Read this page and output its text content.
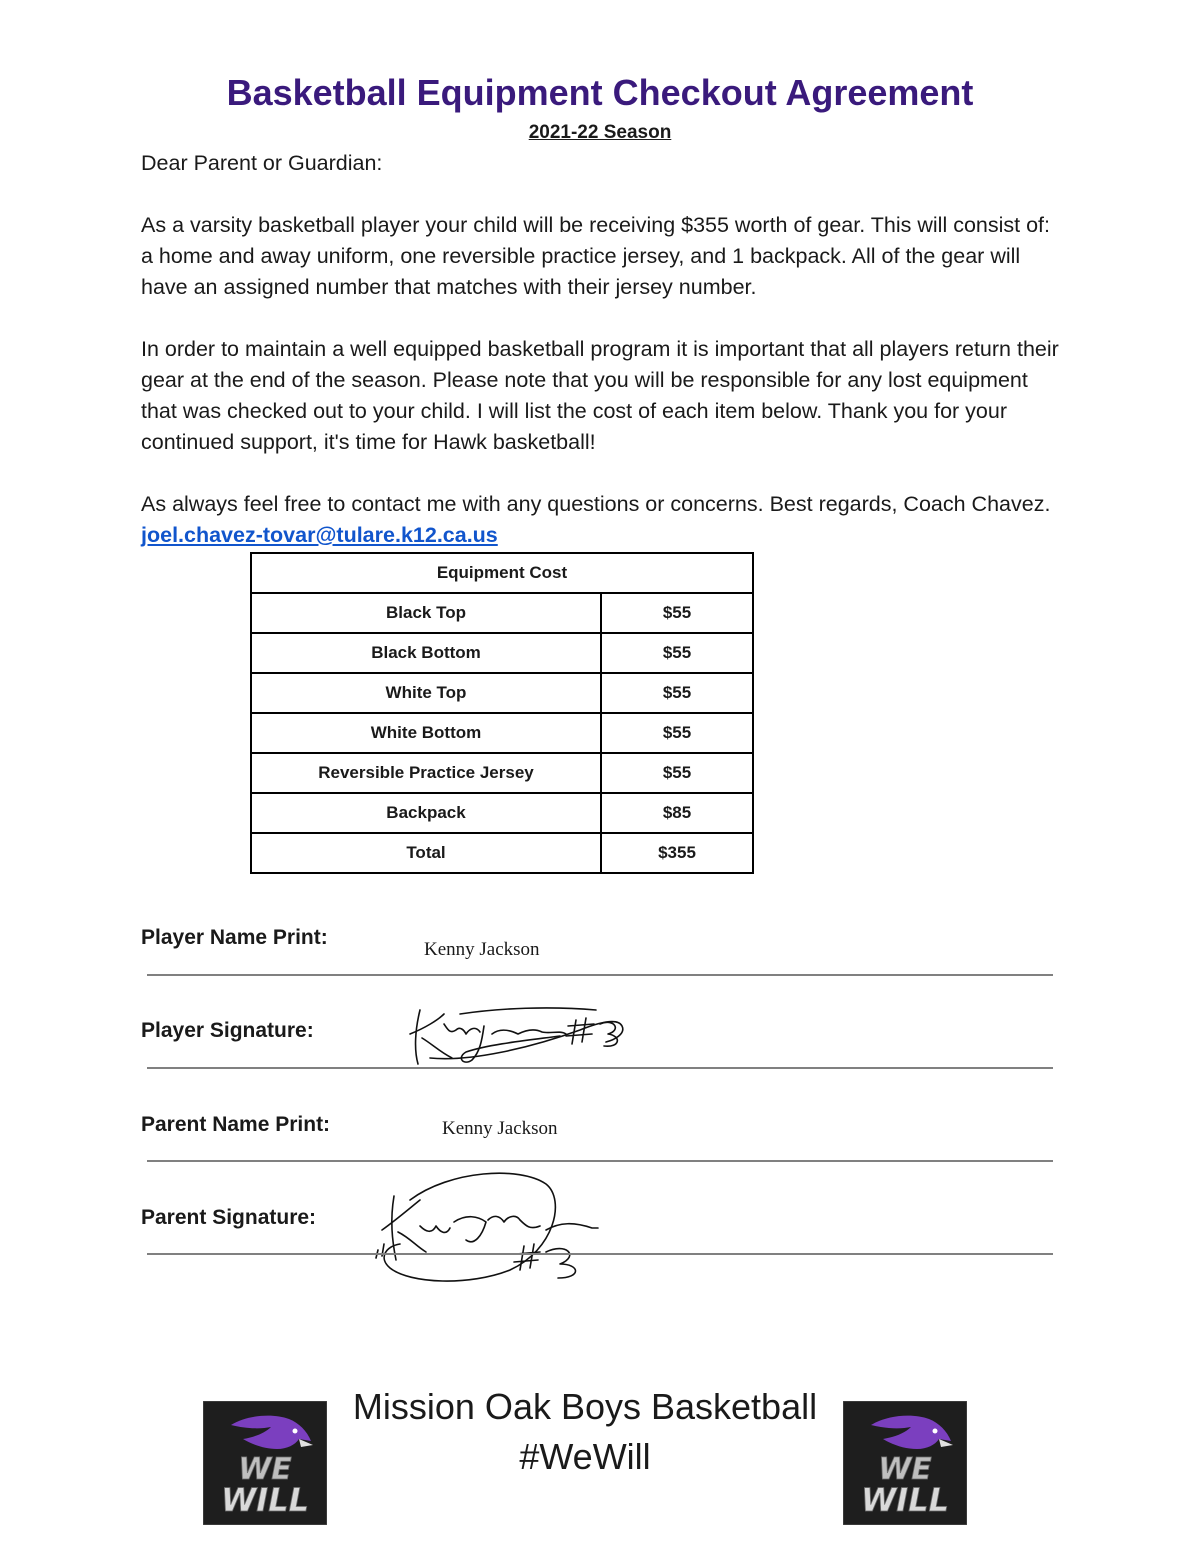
Basketball Equipment Checkout Agreement
2021-22 Season

Dear Parent or Guardian:

As a varsity basketball player your child will be receiving $355 worth of gear. This will consist of: a home and away uniform, one reversible practice jersey, and 1 backpack. All of the gear will have an assigned number that matches with their jersey number.

In order to maintain a well equipped basketball program it is important that all players return their gear at the end of the season. Please note that you will be responsible for any lost equipment that was checked out to your child. I will list the cost of each item below. Thank you for your continued support, it's time for Hawk basketball!

As always feel free to contact me with any questions or concerns. Best regards, Coach Chavez. joel.chavez-tovar@tulare.k12.ca.us

Equipment Cost	
Black Top	$55
Black Bottom	$55
White Top	$55
White Bottom	$55
Reversible Practice Jersey	$55
Backpack	$85
Total	$355
Player Name Print:
Kenny Jackson
Player Signature:
Parent Name Print:	Kenny Jackson
Parent Signature:
Mission Oak Boys Basketball
#WeWill
WE
WILL
WE
WILL
